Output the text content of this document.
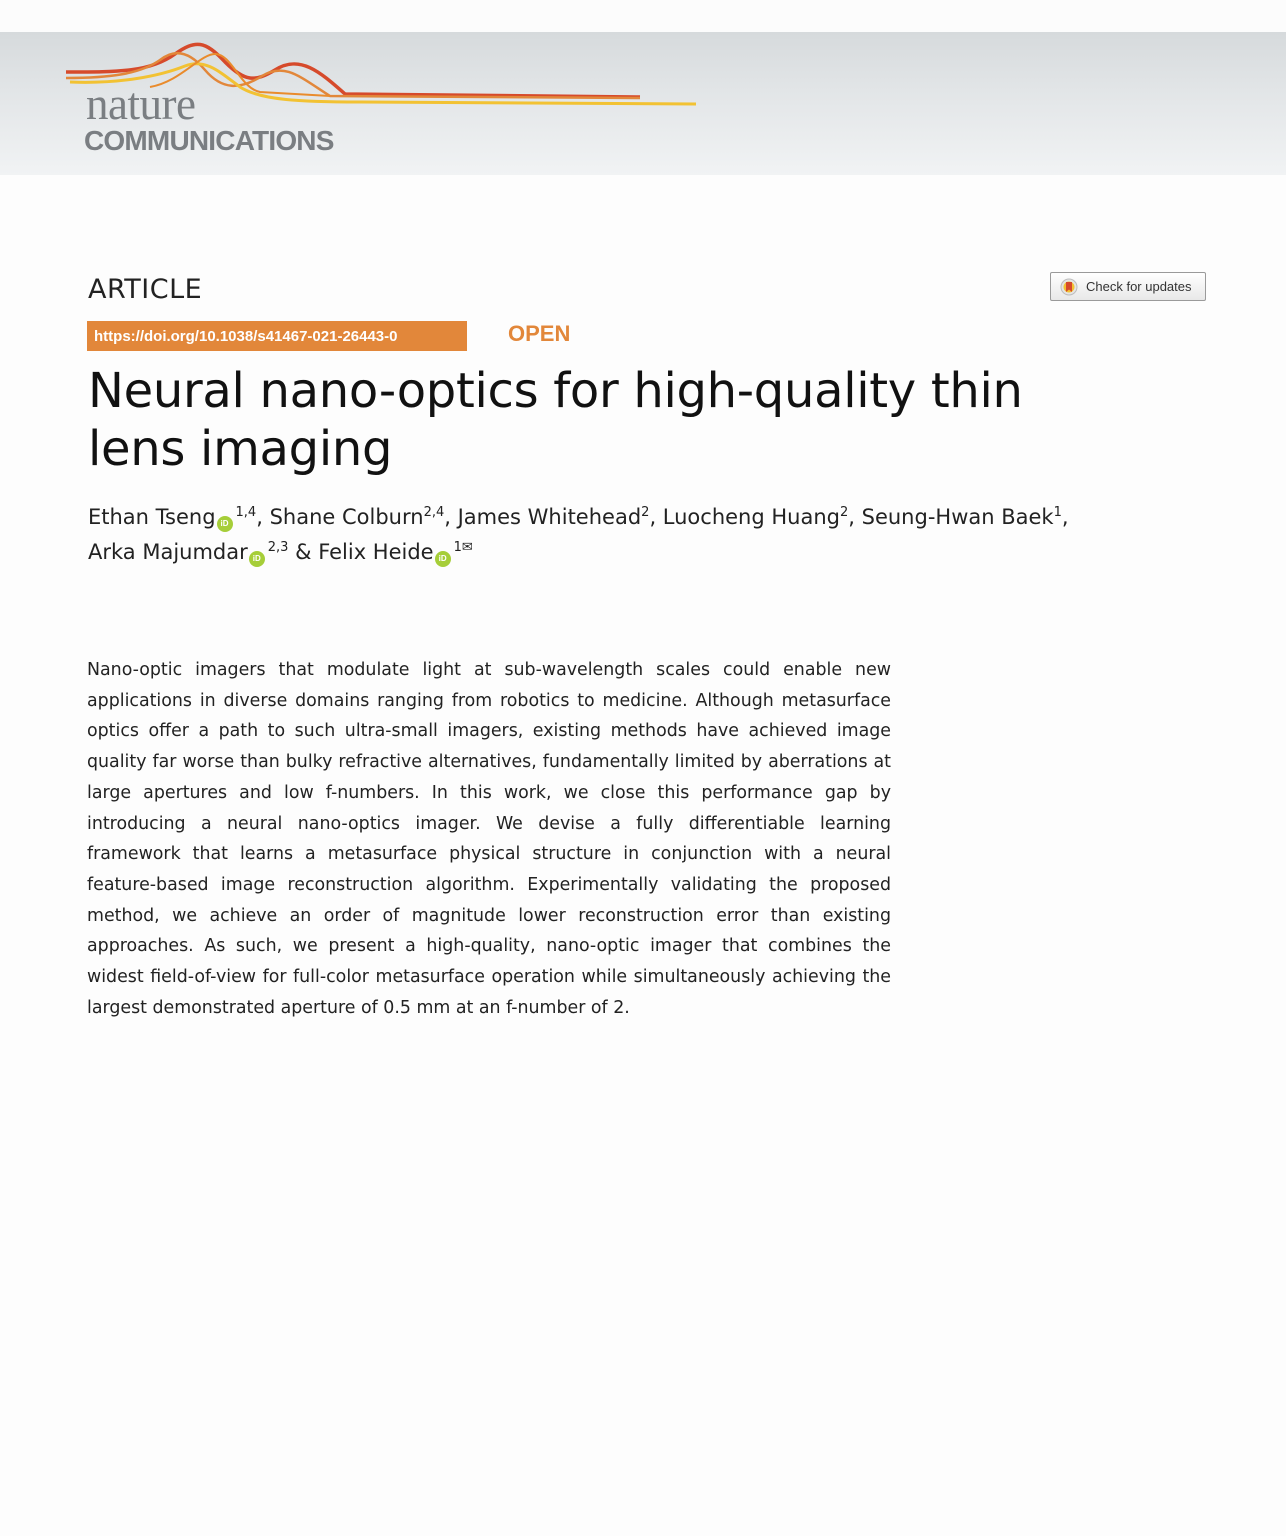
nature
COMMUNICATIONS
ARTICLE	Check for updates
https://doi.org/10.1038/s41467-021-26443-0	OPEN
Neural nano-optics for high-quality thin lens imaging
Ethan Tseng iD$^{1,4}$, Shane Colburn$^{2,4}$, James Whitehead$^2$, Luocheng Huang$^2$, Seung-Hwan Baek$^1$,
Arka Majumdar iD$^{2,3}$ & Felix Heide $iD^{1✉}$

Nano-optic imagers that modulate light at sub-wavelength scales could enable new applications in diverse domains ranging from robotics to medicine. Although metasurface optics offer a path to such ultra-small imagers, existing methods have achieved image quality far worse than bulky refractive alternatives, fundamentally limited by aberrations at large apertures and low f-numbers. In this work, we close this performance gap by introducing a neural nano-optics imager. We devise a fully differentiable learning framework that learns a metasurface physical structure in conjunction with a neural feature-based image reconstruction algorithm. Experimentally validating the proposed method, we achieve an order of magnitude lower reconstruction error than existing approaches. As such, we present a high-quality, nano-optic imager that combines the widest field-of-view for full-color metasurface operation while simultaneously achieving the largest demonstrated aperture of 0.5 mm at an f-number of 2.
